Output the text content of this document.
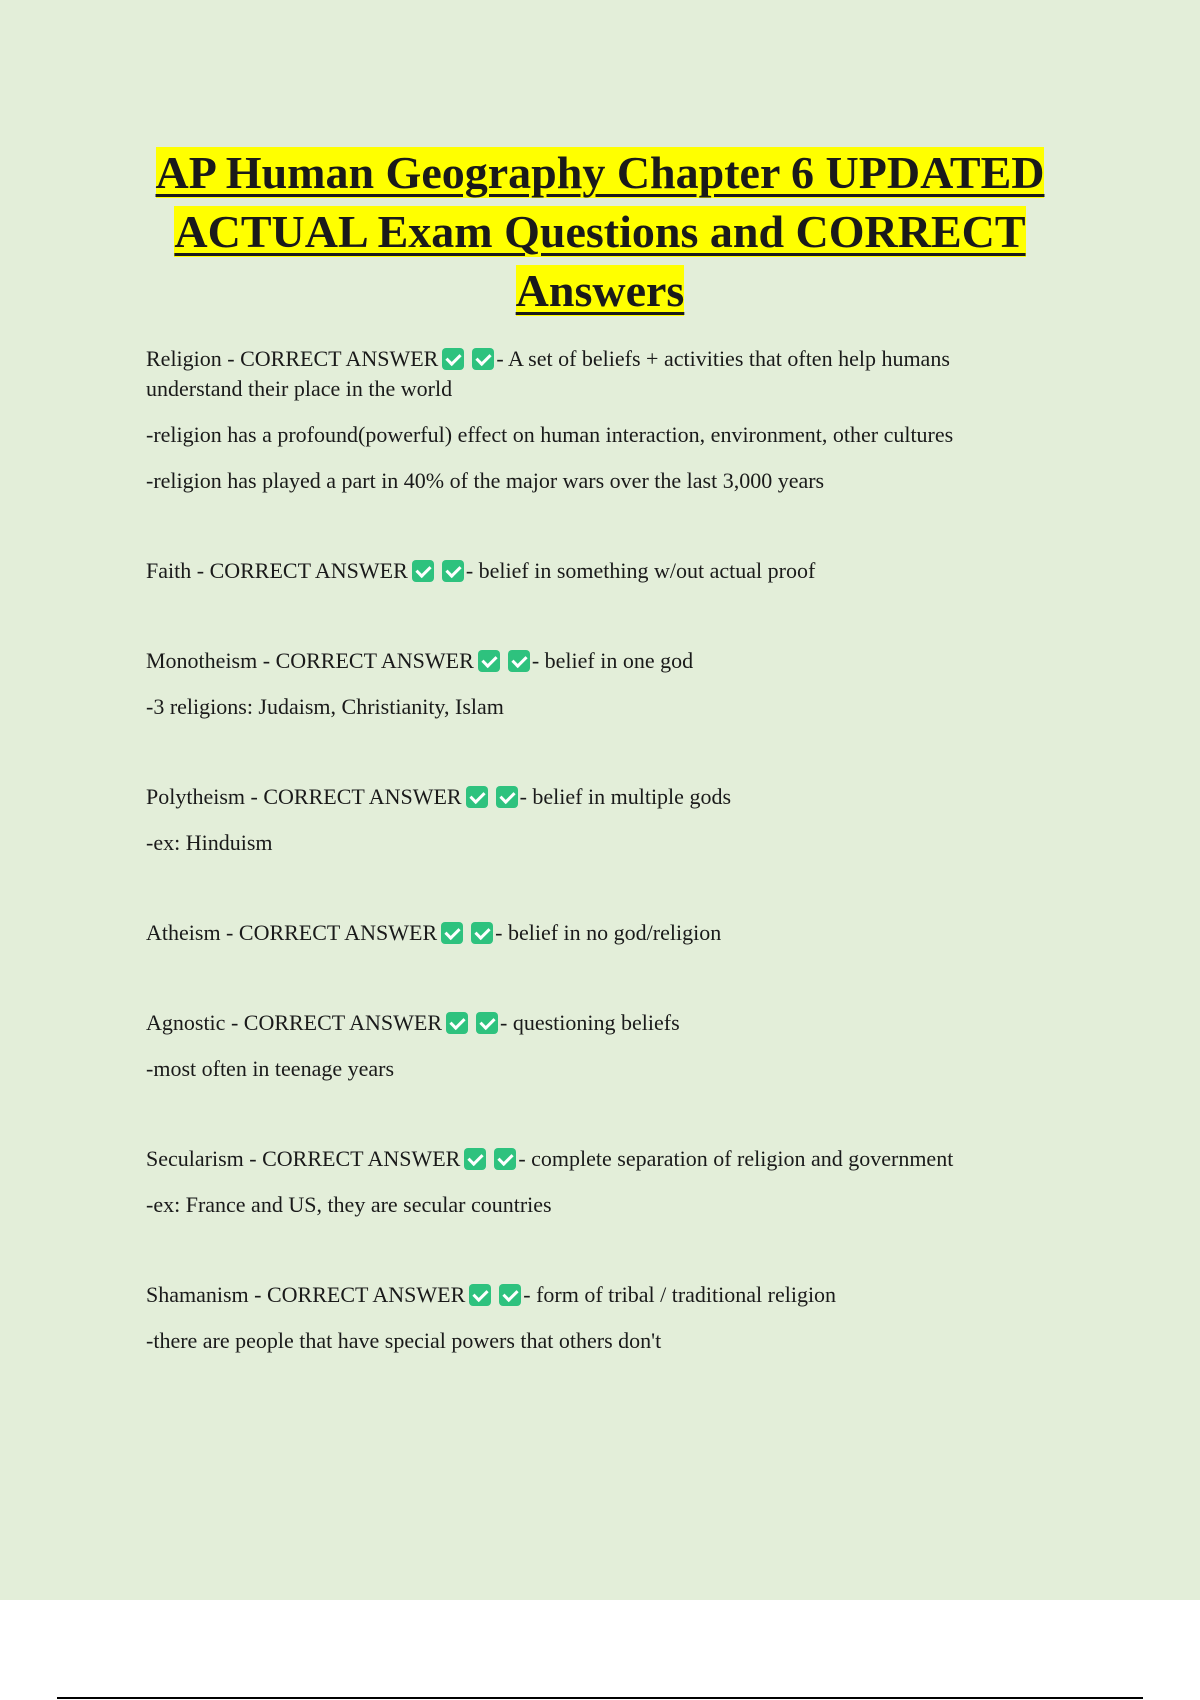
AP Human Geography Chapter 6 UPDATED
ACTUAL Exam Questions and CORRECT
Answers

Religion - CORRECT ANSWER	- A set of beliefs + activities that often help humans understand their place in the world

-religion has a profound(powerful) effect on human interaction, environment, other cultures

-religion has played a part in 40% of the major wars over the last 3,000 years

Faith - CORRECT ANSWER	- belief in something w/out actual proof

Monotheism - CORRECT ANSWER	- belief in one god

-3 religions: Judaism, Christianity, Islam

Polytheism - CORRECT ANSWER	- belief in multiple gods

-ex: Hinduism

Atheism - CORRECT ANSWER	- belief in no god/religion

Agnostic - CORRECT ANSWER	- questioning beliefs

-most often in teenage years

Secularism - CORRECT ANSWER	- complete separation of religion and government

-ex: France and US, they are secular countries

Shamanism - CORRECT ANSWER	- form of tribal / traditional religion

-there are people that have special powers that others don't
